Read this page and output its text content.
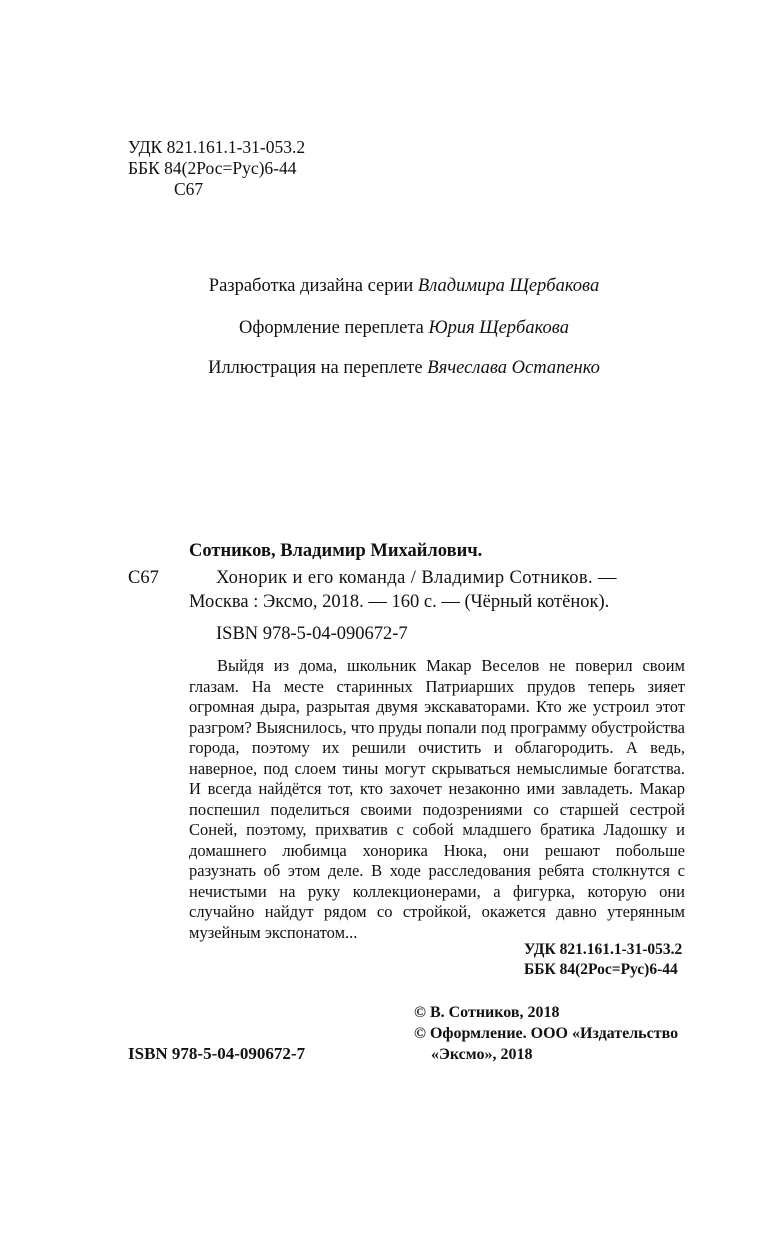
УДК 821.161.1-31-053.2
ББК 84(2Рос=Рус)6-44
С67
Разработка дизайна серии Владимира Щербакова
Оформление переплета Юрия Щербакова
Иллюстрация на переплете Вячеслава Остапенко
Сотников, Владимир Михайлович.
С67	Хонорик и его команда / Владимир Сотников. —
Москва : Эксмо, 2018. — 160 с. — (Чёрный котёнок).
ISBN 978-5-04-090672-7
Выйдя из дома, школьник Макар Веселов не поверил своим глазам. На месте старинных Патриарших прудов теперь зияет огромная дыра, разрытая двумя экскаваторами. Кто же устроил этот разгром? Выяснилось, что пруды попали под программу обустройства города, поэтому их решили очистить и облагородить. А ведь, наверное, под слоем тины могут скрываться немыслимые богатства. И всегда найдётся тот, кто захочет незаконно ими завладеть. Макар поспешил поделиться своими подозрениями со старшей сестрой Соней, поэтому, прихватив с собой младшего братика Ладошку и домашнего любимца хонорика Нюка, они решают побольше разузнать об этом деле. В ходе расследования ребята столкнутся с нечистыми на руку коллекционерами, а фигурка, которую они случайно найдут рядом со стройкой, окажется давно утерянным музейным экспонатом...
УДК 821.161.1-31-053.2
ББК 84(2Рос=Рус)6-44
© В. Сотников, 2018
© Оформление. ООО «Издательство
ISBN 978-5-04-090672-7	«Эксмо», 2018
